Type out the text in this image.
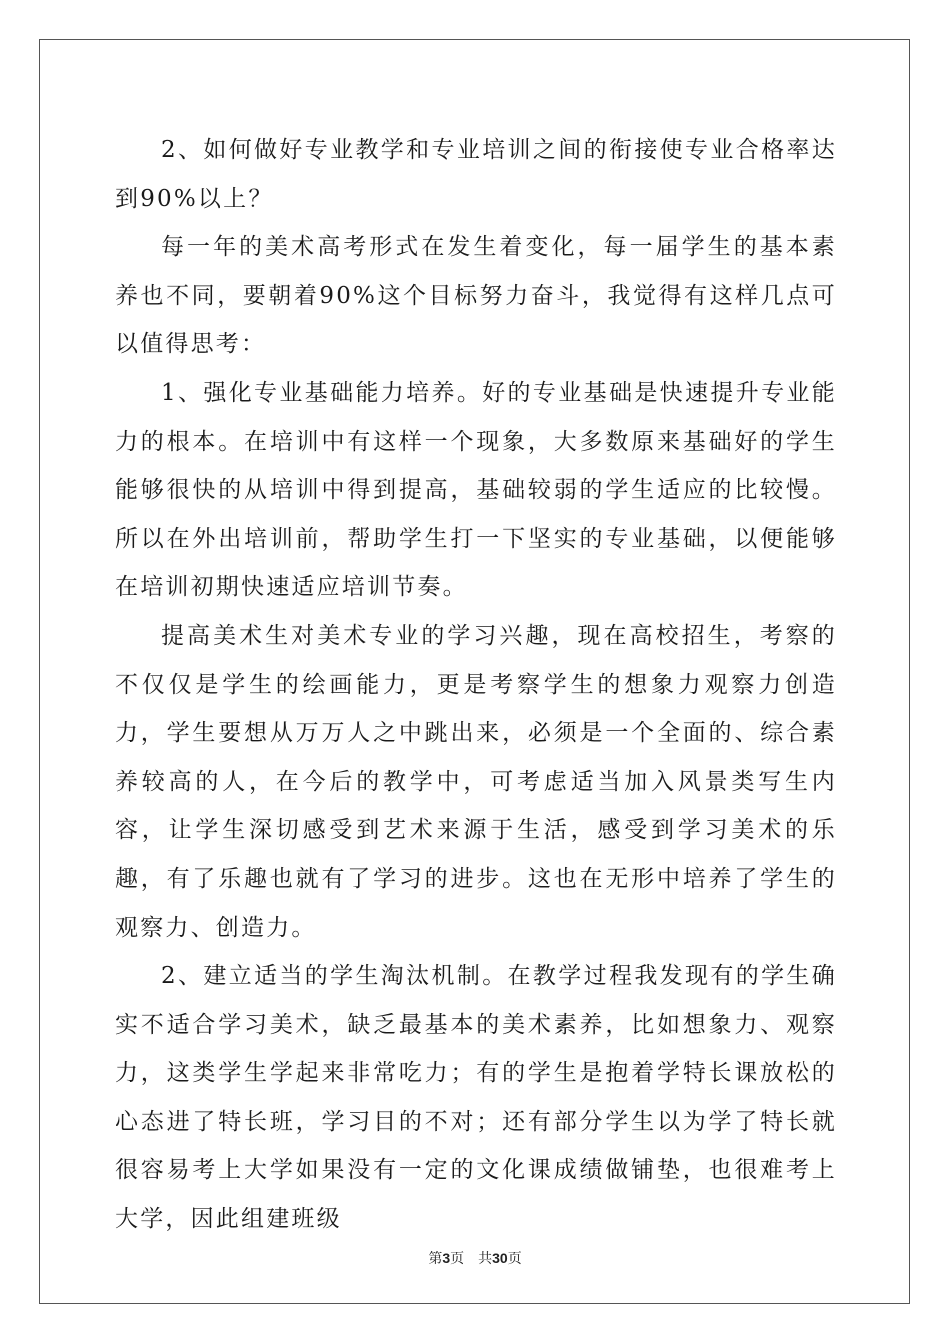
2、如何做好专业教学和专业培训之间的衔接使专业合格率达到90%以上？

每一年的美术高考形式在发生着变化，每一届学生的基本素养也不同，要朝着90%这个目标努力奋斗，我觉得有这样几点可以值得思考：

1、强化专业基础能力培养。好的专业基础是快速提升专业能力的根本。在培训中有这样一个现象，大多数原来基础好的学生能够很快的从培训中得到提高，基础较弱的学生适应的比较慢。所以在外出培训前，帮助学生打一下坚实的专业基础，以便能够在培训初期快速适应培训节奏。

提高美术生对美术专业的学习兴趣，现在高校招生，考察的不仅仅是学生的绘画能力，更是考察学生的想象力观察力创造力，学生要想从万万人之中跳出来，必须是一个全面的、综合素养较高的人，在今后的教学中，可考虑适当加入风景类写生内容，让学生深切感受到艺术来源于生活，感受到学习美术的乐趣，有了乐趣也就有了学习的进步。这也在无形中培养了学生的观察力、创造力。

2、建立适当的学生淘汰机制。在教学过程我发现有的学生确实不适合学习美术，缺乏最基本的美术素养，比如想象力、观察力，这类学生学起来非常吃力；有的学生是抱着学特长课放松的心态进了特长班，学习目的不对；还有部分学生以为学了特长就很容易考上大学如果没有一定的文化课成绩做铺垫，也很难考上大学，因此组建班级

第3页 共30页
